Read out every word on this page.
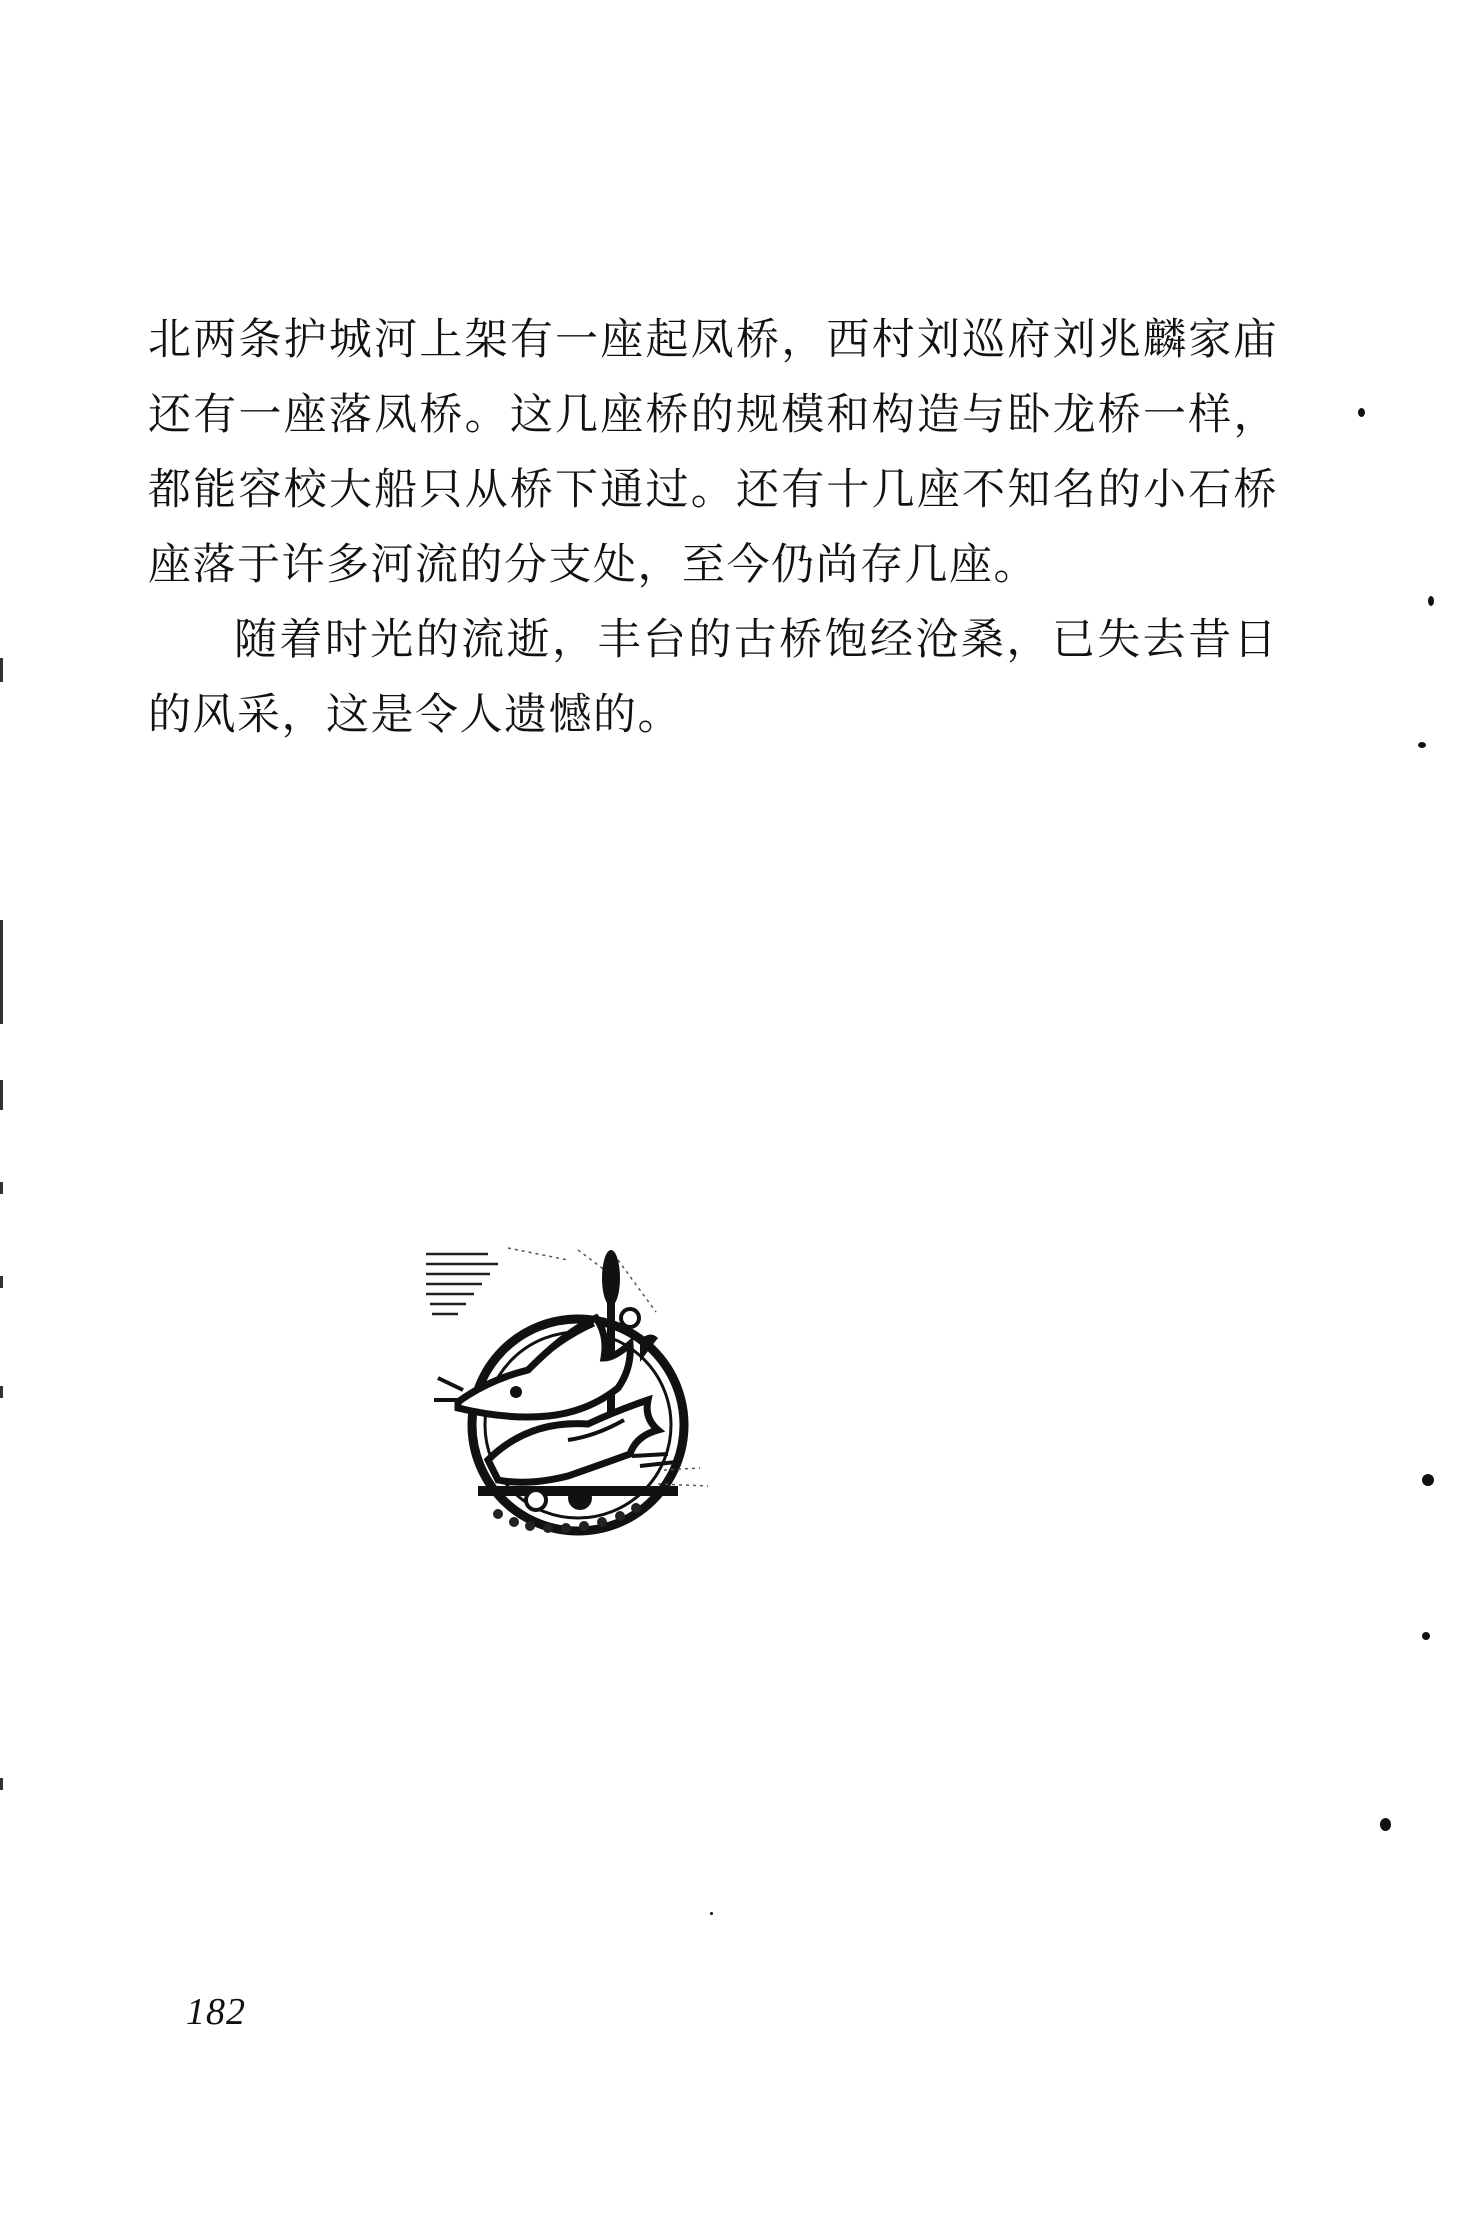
北两条护城河上架有一座起凤桥，西村刘巡府刘兆麟家庙还有一座落凤桥。这几座桥的规模和构造与卧龙桥一样，都能容校大船只从桥下通过。还有十几座不知名的小石桥座落于许多河流的分支处，至今仍尚存几座。

随着时光的流逝，丰台的古桥饱经沧桑，已失去昔日的风采，这是令人遗憾的。

182
